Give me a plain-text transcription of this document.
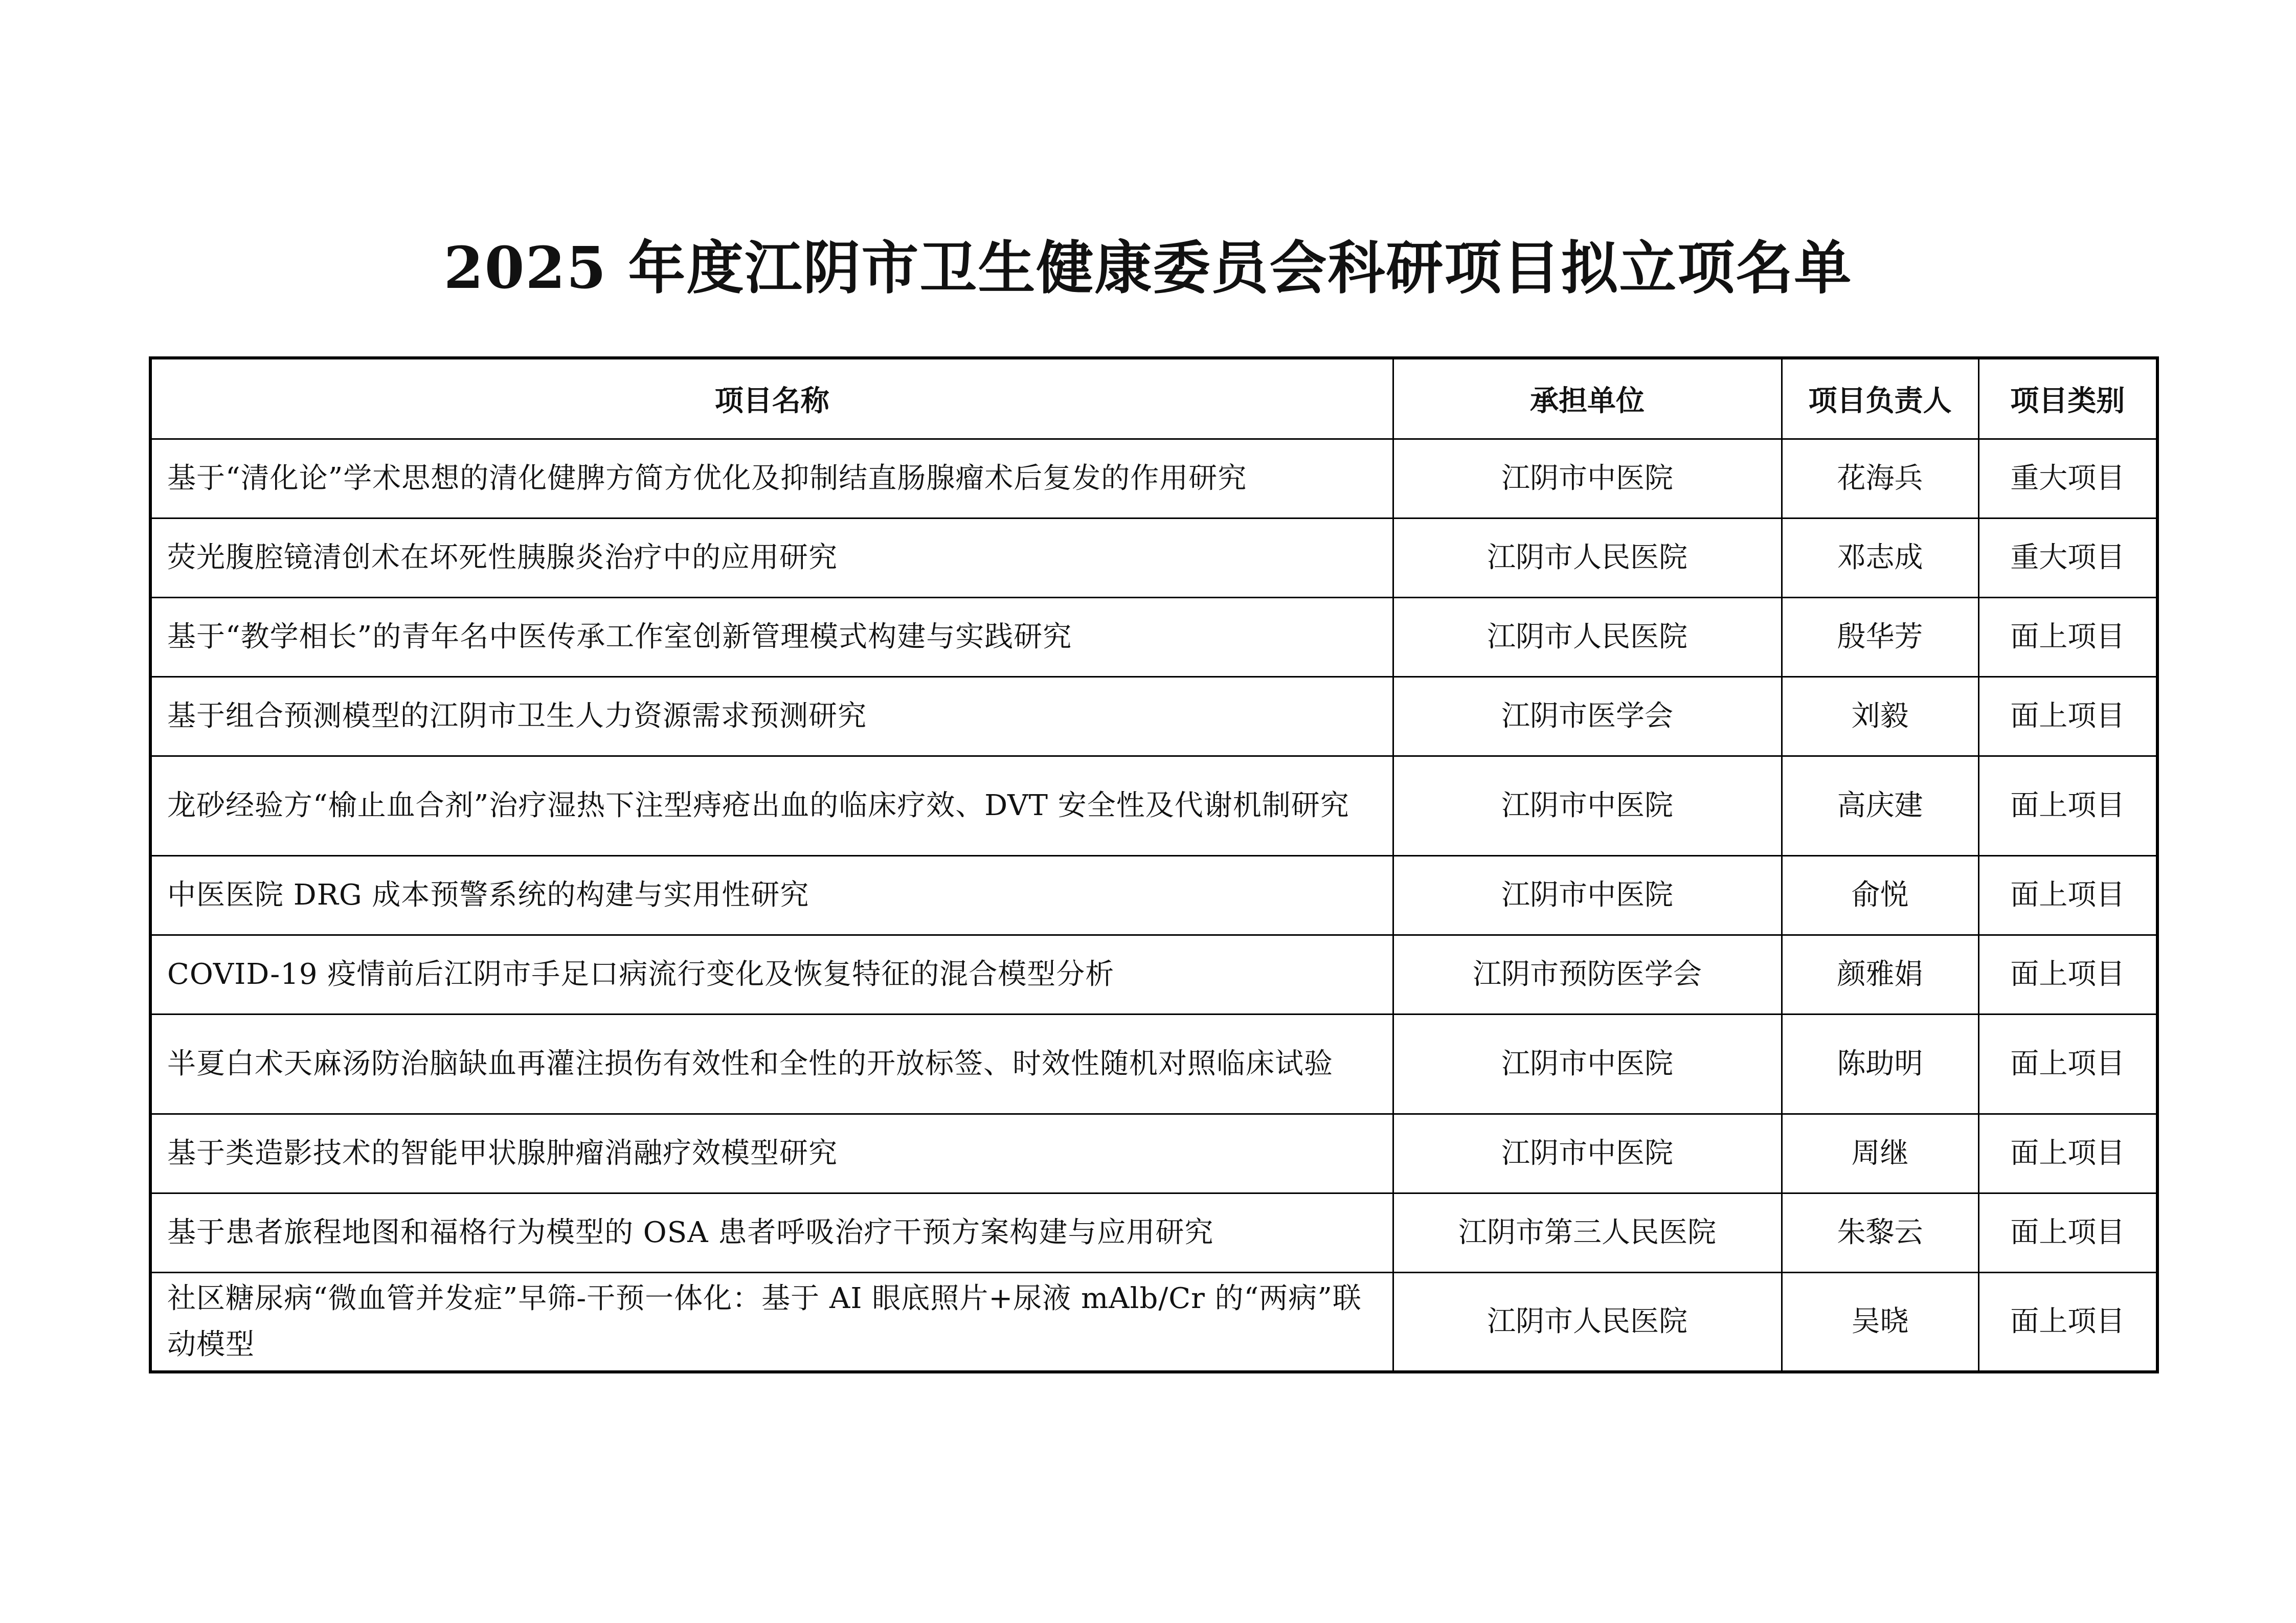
2025 年度江阴市卫生健康委员会科研项目拟立项名单
项目名称	承担单位	项目负责人	项目类别
基于“清化论”学术思想的清化健脾方简方优化及抑制结直肠腺瘤术后复发的作用研究	江阴市中医院	花海兵	重大项目
荧光腹腔镜清创术在坏死性胰腺炎治疗中的应用研究	江阴市人民医院	邓志成	重大项目
基于“教学相长”的青年名中医传承工作室创新管理模式构建与实践研究	江阴市人民医院	殷华芳	面上项目
基于组合预测模型的江阴市卫生人力资源需求预测研究	江阴市医学会	刘毅	面上项目
龙砂经验方“榆止血合剂”治疗湿热下注型痔疮出血的临床疗效、DVT 安全性及代谢机制研究	江阴市中医院	高庆建	面上项目
中医医院 DRG 成本预警系统的构建与实用性研究	江阴市中医院	俞悦	面上项目
COVID-19 疫情前后江阴市手足口病流行变化及恢复特征的混合模型分析	江阴市预防医学会	颜雅娟	面上项目
半夏白术天麻汤防治脑缺血再灌注损伤有效性和全性的开放标签、时效性随机对照临床试验	江阴市中医院	陈助明	面上项目
基于类造影技术的智能甲状腺肿瘤消融疗效模型研究	江阴市中医院	周继	面上项目
基于患者旅程地图和福格行为模型的 OSA 患者呼吸治疗干预方案构建与应用研究	江阴市第三人民医院	朱黎云	面上项目
社区糖尿病“微血管并发症”早筛-干预一体化：基于 AI 眼底照片+尿液 mAlb/Cr 的“两病”联动模型	江阴市人民医院	吴晓	面上项目
